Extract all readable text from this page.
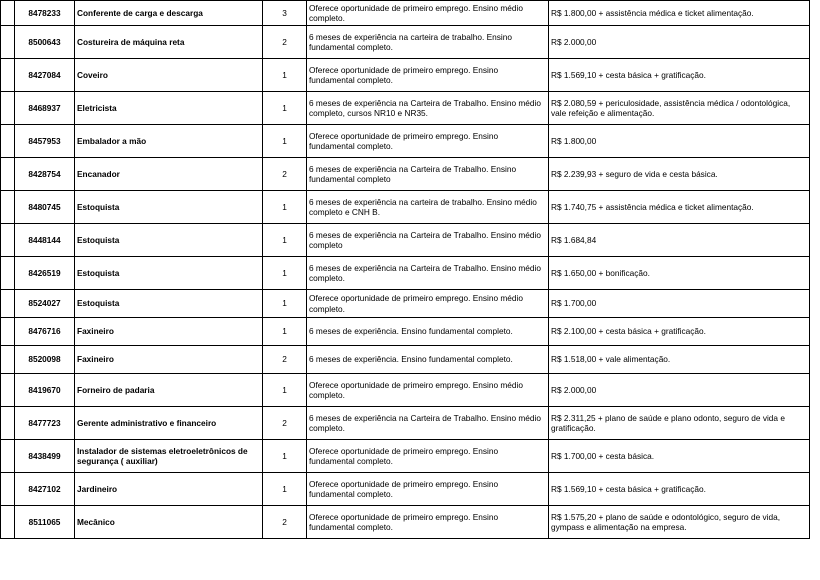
	8478233	Conferente de carga e descarga	3	Oferece oportunidade de primeiro emprego. Ensino médio completo.	R$ 1.800,00 + assistência médica e ticket alimentação.
	8500643	Costureira de máquina reta	2	6 meses de experiência na carteira de trabalho. Ensino fundamental completo.	R$ 2.000,00
	8427084	Coveiro	1	Oferece oportunidade de primeiro emprego. Ensino fundamental completo.	R$ 1.569,10 + cesta básica + gratificação.
	8468937	Eletricista	1	6 meses de experiência na Carteira de Trabalho. Ensino médio completo, cursos NR10 e NR35.	R$ 2.080,59 + periculosidade, assistência médica / odontológica, vale refeição e alimentação.
	8457953	Embalador a mão	1	Oferece oportunidade de primeiro emprego. Ensino fundamental completo.	R$ 1.800,00
	8428754	Encanador	2	6 meses de experiência na Carteira de Trabalho. Ensino fundamental completo	R$ 2.239,93 + seguro de vida e cesta básica.
	8480745	Estoquista	1	6 meses de experiência na carteira de trabalho. Ensino médio completo e CNH B.	R$ 1.740,75 + assistência médica e ticket alimentação.
	8448144	Estoquista	1	6 meses de experiência na Carteira de Trabalho. Ensino médio completo	R$ 1.684,84
	8426519	Estoquista	1	6 meses de experiência na Carteira de Trabalho. Ensino médio completo.	R$ 1.650,00 + bonificação.
	8524027	Estoquista	1	Oferece oportunidade de primeiro emprego. Ensino médio completo.	R$ 1.700,00
	8476716	Faxineiro	1	6 meses de experiência. Ensino fundamental completo.	R$ 2.100,00 + cesta básica + gratificação.
	8520098	Faxineiro	2	6 meses de experiência. Ensino fundamental completo.	R$ 1.518,00 + vale alimentação.
	8419670	Forneiro de padaria	1	Oferece oportunidade de primeiro emprego. Ensino médio completo.	R$ 2.000,00
	8477723	Gerente administrativo e financeiro	2	6 meses de experiência na Carteira de Trabalho. Ensino médio completo.	R$ 2.311,25 + plano de saúde e plano odonto, seguro de vida e gratificação.
	8438499	Instalador de sistemas eletroeletrônicos de segurança ( auxiliar)	1	Oferece oportunidade de primeiro emprego. Ensino fundamental completo.	R$ 1.700,00 + cesta básica.
	8427102	Jardineiro	1	Oferece oportunidade de primeiro emprego. Ensino fundamental completo.	R$ 1.569,10 + cesta básica + gratificação.
	8511065	Mecânico	2	Oferece oportunidade de primeiro emprego. Ensino fundamental completo.	R$ 1.575,20 + plano de saúde e odontológico, seguro de vida, gympass e alimentação na empresa.
